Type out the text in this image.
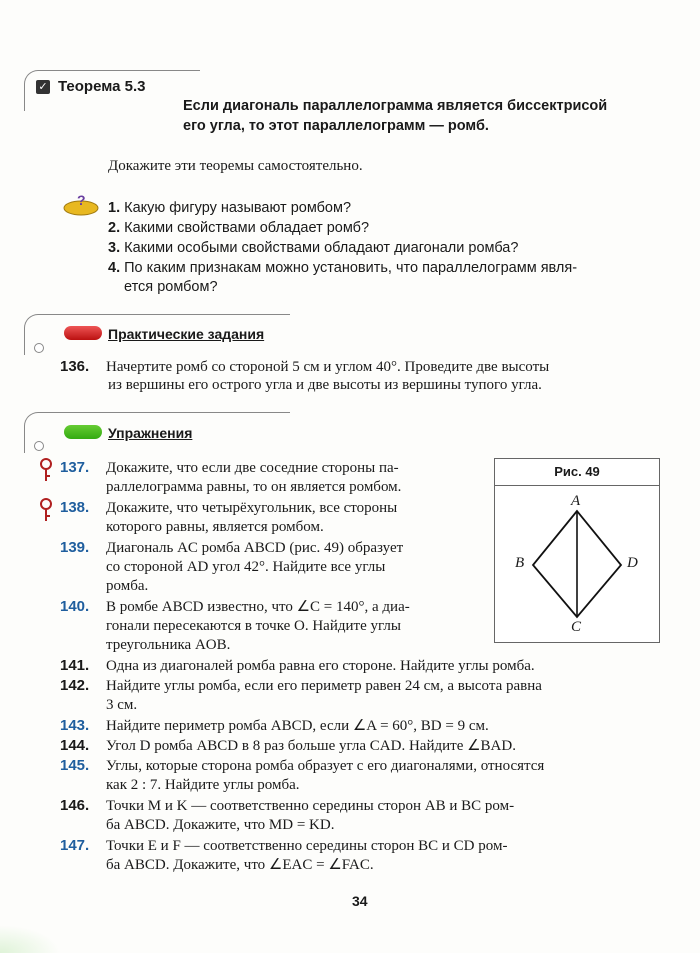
✓ Теорема 5.3
Если диагональ параллелограмма является биссектрисой
его угла, то этот параллелограмм — ромб.
Докажите эти теоремы самостоятельно.
? 1. Какую фигуру называют ромбом?
2. Какими свойствами обладает ромб?
3. Какими особыми свойствами обладают диагонали ромба?
4. По каким признакам можно установить, что параллелограмм явля-
ется ромбом?
Практические задания
136. Начертите ромб со стороной 5 см и углом 40°. Проведите две высоты
из вершины его острого угла и две высоты из вершины тупого угла.
Упражнения
137. Докажите, что если две соседние стороны па-
раллелограмма равны, то он является ромбом.
138. Докажите, что четырёхугольник, все стороны
которого равны, является ромбом.
139. Диагональ AC ромба ABCD (рис. 49) образует
со стороной AD угол 42°. Найдите все углы
ромба.
140. В ромбе ABCD известно, что ∠C = 140°, а диа-
гонали пересекаются в точке O. Найдите углы
треугольника AOB.
Рис. 49
A
B	D
C
141. Одна из диагоналей ромба равна его стороне. Найдите углы ромба.
142. Найдите углы ромба, если его периметр равен 24 см, а высота равна
3 см.
143. Найдите периметр ромба ABCD, если ∠A = 60°, BD = 9 см.
144. Угол D ромба ABCD в 8 раз больше угла CAD. Найдите ∠BAD.
145. Углы, которые сторона ромба образует с его диагоналями, относятся
как 2 : 7. Найдите углы ромба.
146. Точки M и K — соответственно середины сторон AB и BC ром-
ба ABCD. Докажите, что MD = KD.
147. Точки E и F — соответственно середины сторон BC и CD ром-
ба ABCD. Докажите, что ∠EAC = ∠FAC.
34
